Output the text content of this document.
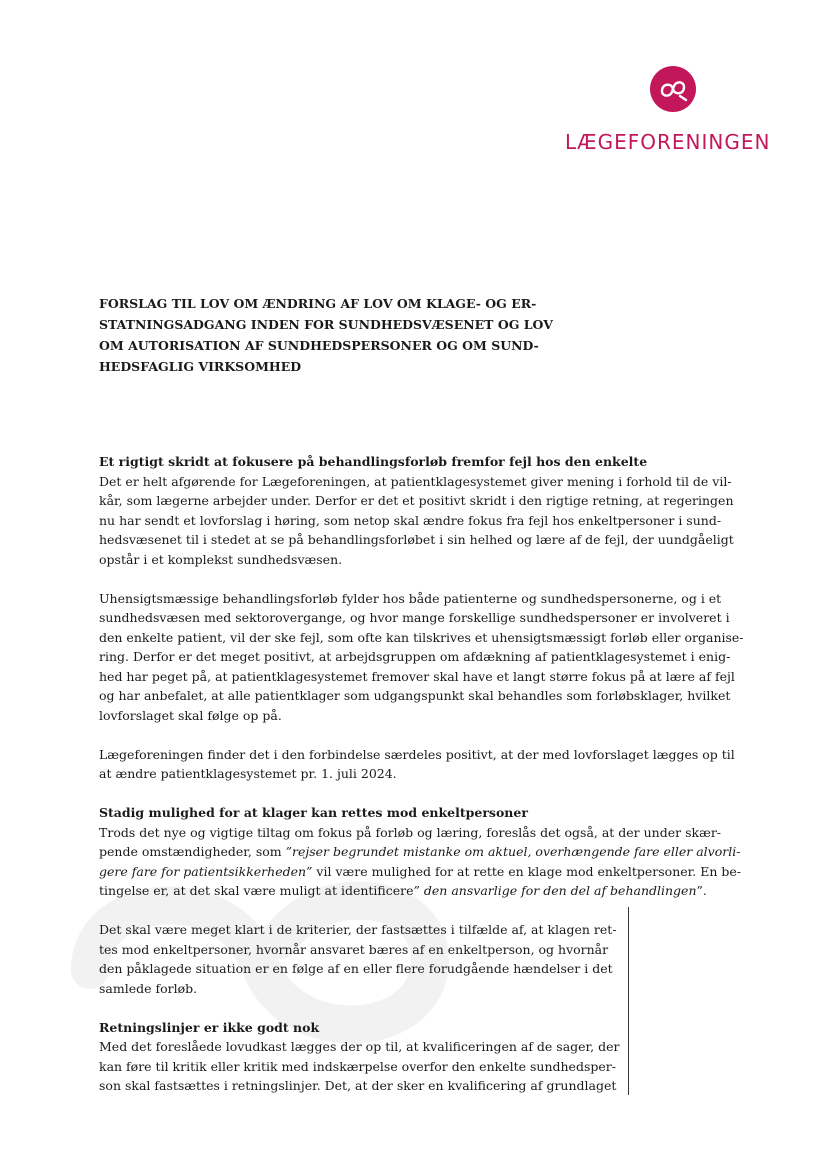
LÆGEFORENINGEN
FORSLAG TIL LOV OM ÆNDRING AF LOV OM KLAGE- OG ER-
STATNINGSADGANG INDEN FOR SUNDHEDSVÆSENET OG LOV
OM AUTORISATION AF SUNDHEDSPERSONER OG OM SUND-
HEDSFAGLIG VIRKSOMHED
Et rigtigt skridt at fokusere på behandlingsforløb fremfor fejl hos den enkelte
Det er helt afgørende for Lægeforeningen, at patientklagesystemet giver mening i forhold til de vil-
kår, som lægerne arbejder under. Derfor er det et positivt skridt i den rigtige retning, at regeringen
nu har sendt et lovforslag i høring, som netop skal ændre fokus fra fejl hos enkeltpersoner i sund-
hedsvæsenet til i stedet at se på behandlingsforløbet i sin helhed og lære af de fejl, der uundgåeligt
opstår i et komplekst sundhedsvæsen.
Uhensigtsmæssige behandlingsforløb fylder hos både patienterne og sundhedspersonerne, og i et
sundhedsvæsen med sektorovergange, og hvor mange forskellige sundhedspersoner er involveret i
den enkelte patient, vil der ske fejl, som ofte kan tilskrives et uhensigtsmæssigt forløb eller organise-
ring. Derfor er det meget positivt, at arbejdsgruppen om afdækning af patientklagesystemet i enig-
hed har peget på, at patientklagesystemet fremover skal have et langt større fokus på at lære af fejl
og har anbefalet, at alle patientklager som udgangspunkt skal behandles som forløbsklager, hvilket
lovforslaget skal følge op på.
Lægeforeningen finder det i den forbindelse særdeles positivt, at der med lovforslaget lægges op til
at ændre patientklagesystemet pr. 1. juli 2024.
Stadig mulighed for at klager kan rettes mod enkeltpersoner
Trods det nye og vigtige tiltag om fokus på forløb og læring, foreslås det også, at der under skær-
pende omstændigheder, som ”rejser begrundet mistanke om aktuel, overhængende fare eller alvorli-
gere fare for patientsikkerheden” vil være mulighed for at rette en klage mod enkeltpersoner. En be-
tingelse er, at det skal være muligt at identificere” den ansvarlige for den del af behandlingen”.
Det skal være meget klart i de kriterier, der fastsættes i tilfælde af, at klagen ret-
tes mod enkeltpersoner, hvornår ansvaret bæres af en enkeltperson, og hvornår
den påklagede situation er en følge af en eller flere forudgående hændelser i det
samlede forløb.
Retningslinjer er ikke godt nok
Med det foreslåede lovudkast lægges der op til, at kvalificeringen af de sager, der
kan føre til kritik eller kritik med indskærpelse overfor den enkelte sundhedsper-
son skal fastsættes i retningslinjer. Det, at der sker en kvalificering af grundlaget
